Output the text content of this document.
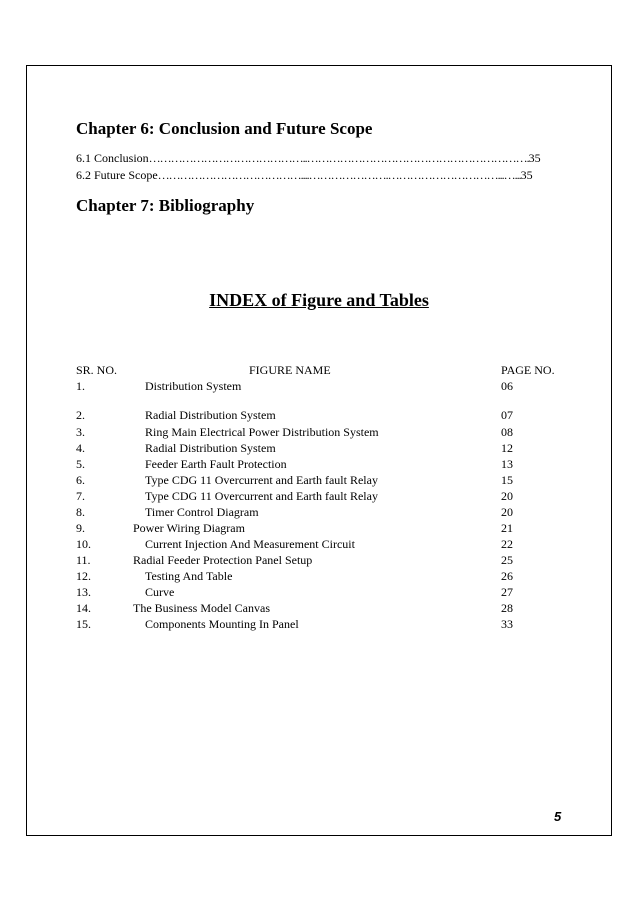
Chapter 6: Conclusion and Future Scope
6.1 Conclusion……………………………………..…………………………………………………….35
6.2 Future Scope…………………………………....………………….…………………………...…...35
Chapter 7: Bibliography
INDEX of Figure and Tables
SR. NO.	FIGURE NAME	PAGE NO.
1.	Distribution System	06
2.	Radial Distribution System	07
3.	Ring Main Electrical Power Distribution System	08
4.	Radial Distribution System	12
5.	Feeder Earth Fault Protection	13
6.	Type CDG 11 Overcurrent and Earth fault Relay	15
7.	Type CDG 11 Overcurrent and Earth fault Relay	20
8.	Timer Control Diagram	20
9.	Power Wiring Diagram	21
10.	Current Injection And Measurement Circuit	22
11.	Radial Feeder Protection Panel Setup	25
12.	Testing And Table	26
13.	Curve	27
14.	The Business Model Canvas	28
15.	Components Mounting In Panel	33
5
